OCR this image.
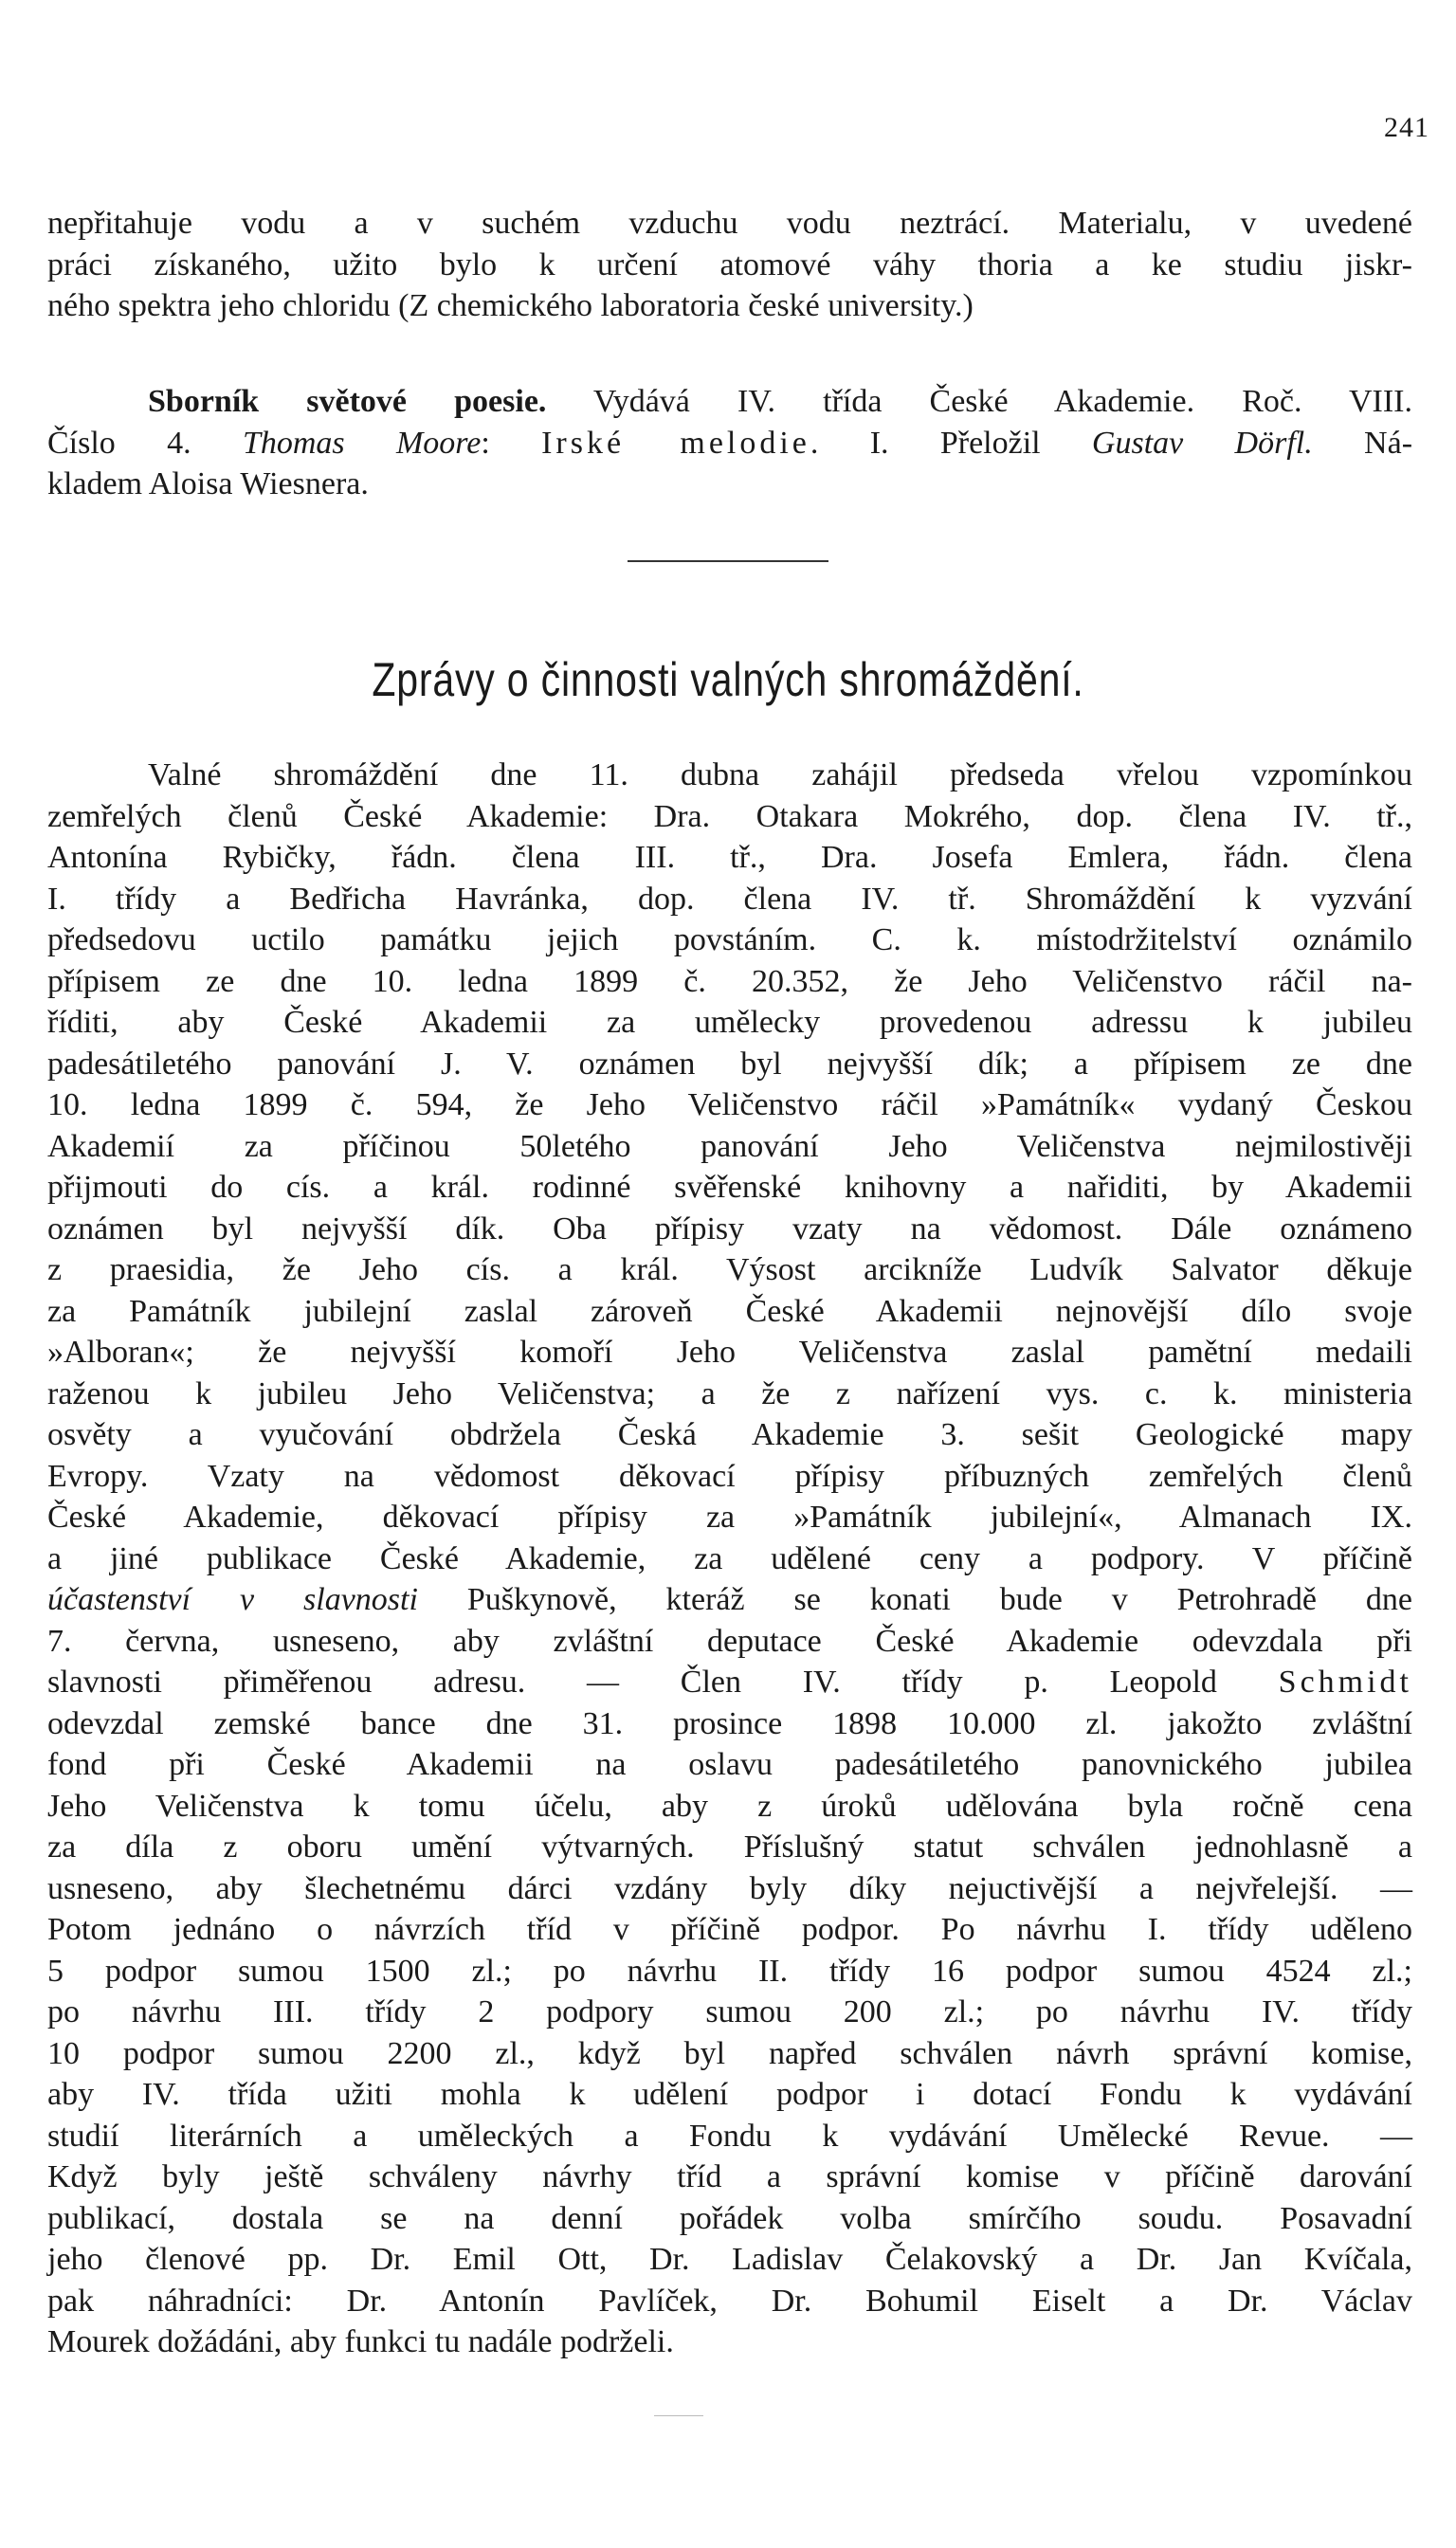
241
nepřitahuje vodu a v suchém vzduchu vodu neztrácí. Materialu, v uvedené
práci získaného, užito bylo k určení atomové váhy thoria a ke studiu jiskr-
ného spektra jeho chloridu (Z chemického laboratoria české university.)
Sborník světové poesie. Vydává IV. třída České Akademie. Roč. VIII.
Číslo 4. Thomas Moore: Irské melodie. I. Přeložil Gustav Dörfl. Ná-
kladem Aloisa Wiesnera.
Zprávy o činnosti valných shromáždění.
Valné shromáždění dne 11. dubna zahájil předseda vřelou vzpomínkou
zemřelých členů České Akademie: Dra. Otakara Mokrého, dop. člena IV. tř.,
Antonína Rybičky, řádn. člena III. tř., Dra. Josefa Emlera, řádn. člena
I. třídy a Bedřicha Havránka, dop. člena IV. tř. Shromáždění k vyzvání
předsedovu uctilo památku jejich povstáním. C. k. místodržitelství oznámilo
přípisem ze dne 10. ledna 1899 č. 20.352, že Jeho Veličenstvo ráčil na-
říditi, aby České Akademii za umělecky provedenou adressu k jubileu
padesátiletého panování J. V. oznámen byl nejvyšší dík; a přípisem ze dne
10. ledna 1899 č. 594, že Jeho Veličenstvo ráčil »Památník« vydaný Českou
Akademií za příčinou 50letého panování Jeho Veličenstva nejmilostivěji
přijmouti do cís. a král. rodinné svěřenské knihovny a nařiditi, by Akademii
oznámen byl nejvyšší dík. Oba přípisy vzaty na vědomost. Dále oznámeno
z praesidia, že Jeho cís. a král. Výsost arcikníže Ludvík Salvator děkuje
za Památník jubilejní zaslal zároveň České Akademii nejnovější dílo svoje
»Alboran«; že nejvyšší komoří Jeho Veličenstva zaslal pamětní medaili
raženou k jubileu Jeho Veličenstva; a že z nařízení vys. c. k. ministeria
osvěty a vyučování obdržela Česká Akademie 3. sešit Geologické mapy
Evropy. Vzaty na vědomost děkovací přípisy příbuzných zemřelých členů
České Akademie, děkovací přípisy za »Památník jubilejní«, Almanach IX.
a jiné publikace České Akademie, za udělené ceny a podpory. V příčině
účastenství v slavnosti Puškynově, kteráž se konati bude v Petrohradě dne
7. června, usneseno, aby zvláštní deputace České Akademie odevzdala při
slavnosti přiměřenou adresu. — Člen IV. třídy p. Leopold Schmidt
odevzdal zemské bance dne 31. prosince 1898 10.000 zl. jakožto zvláštní
fond při České Akademii na oslavu padesátiletého panovnického jubilea
Jeho Veličenstva k tomu účelu, aby z úroků udělována byla ročně cena
za díla z oboru umění výtvarných. Příslušný statut schválen jednohlasně a
usneseno, aby šlechetnému dárci vzdány byly díky nejuctivější a nejvřelejší. —
Potom jednáno o návrzích tříd v příčině podpor. Po návrhu I. třídy uděleno
5 podpor sumou 1500 zl.; po návrhu II. třídy 16 podpor sumou 4524 zl.;
po návrhu III. třídy 2 podpory sumou 200 zl.; po návrhu IV. třídy
10 podpor sumou 2200 zl., když byl napřed schválen návrh správní komise,
aby IV. třída užiti mohla k udělení podpor i dotací Fondu k vydávání
studií literárních a uměleckých a Fondu k vydávání Umělecké Revue. —
Když byly ještě schváleny návrhy tříd a správní komise v příčině darování
publikací, dostala se na denní pořádek volba smírčího soudu. Posavadní
jeho členové pp. Dr. Emil Ott, Dr. Ladislav Čelakovský a Dr. Jan Kvíčala,
pak náhradníci: Dr. Antonín Pavlíček, Dr. Bohumil Eiselt a Dr. Václav
Mourek dožádáni, aby funkci tu nadále podrželi.
